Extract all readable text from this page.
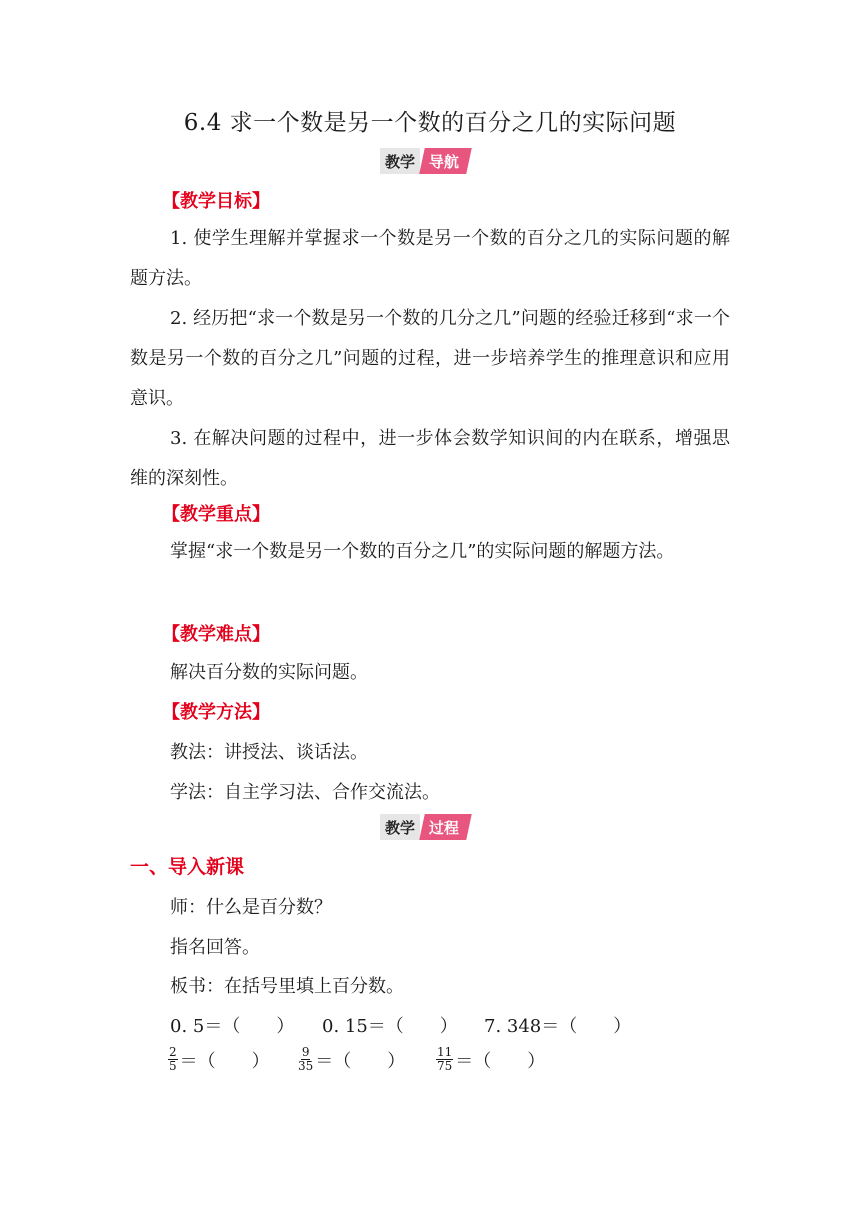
6.4 求一个数是另一个数的百分之几的实际问题
教学 导航
【教学目标】
1. 使学生理解并掌握求一个数是另一个数的百分之几的实际问题的解题方法。
2. 经历把“求一个数是另一个数的几分之几”问题的经验迁移到“求一个数是另一个数的百分之几”问题的过程，进一步培养学生的推理意识和应用意识。
3. 在解决问题的过程中，进一步体会数学知识间的内在联系，增强思维的深刻性。
【教学重点】
掌握“求一个数是另一个数的百分之几”的实际问题的解题方法。
【教学难点】
解决百分数的实际问题。
【教学方法】
教法：讲授法、谈话法。
学法：自主学习法、合作交流法。
教学 过程
一、导入新课
师：什么是百分数？
指名回答。
板书：在括号里填上百分数。
0. 5＝（　　） 0. 15＝（　　） 7. 348＝（　　）
$\frac{2}{5}$ ＝（　　） $\frac{9}{35}$ ＝（　　）	$\frac{11}{75}$ ＝（　　）
